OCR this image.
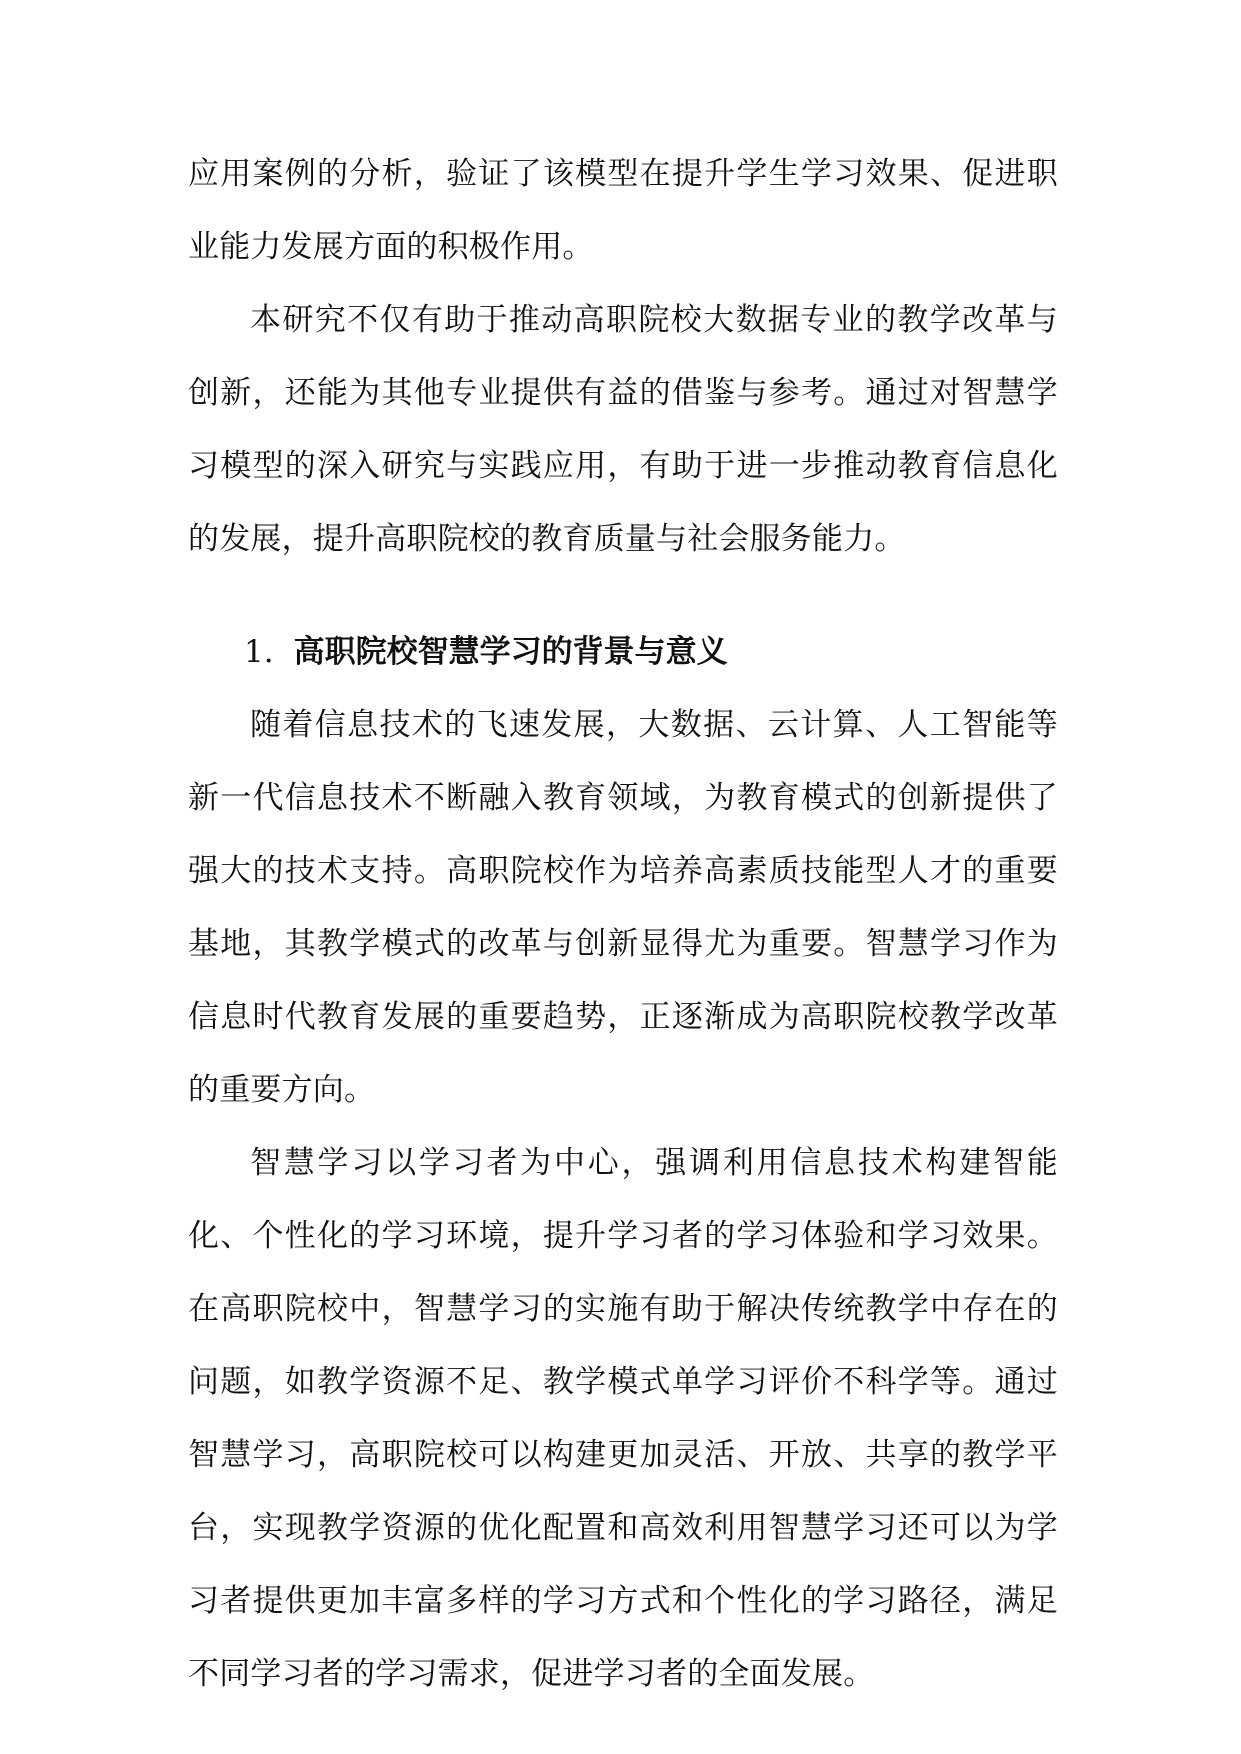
应用案例的分析，验证了该模型在提升学生学习效果、促进职业能力发展方面的积极作用。

本研究不仅有助于推动高职院校大数据专业的教学改革与创新，还能为其他专业提供有益的借鉴与参考。通过对智慧学习模型的深入研究与实践应用，有助于进一步推动教育信息化的发展，提升高职院校的教育质量与社会服务能力。

1. 高职院校智慧学习的背景与意义

随着信息技术的飞速发展，大数据、云计算、人工智能等新一代信息技术不断融入教育领域，为教育模式的创新提供了强大的技术支持。高职院校作为培养高素质技能型人才的重要基地，其教学模式的改革与创新显得尤为重要。智慧学习作为信息时代教育发展的重要趋势，正逐渐成为高职院校教学改革的重要方向。

智慧学习以学习者为中心，强调利用信息技术构建智能化、个性化的学习环境，提升学习者的学习体验和学习效果。在高职院校中，智慧学习的实施有助于解决传统教学中存在的问题，如教学资源不足、教学模式单学习评价不科学等。通过智慧学习，高职院校可以构建更加灵活、开放、共享的教学平台，实现教学资源的优化配置和高效利用智慧学习还可以为学习者提供更加丰富多样的学习方式和个性化的学习路径，满足不同学习者的学习需求，促进学习者的全面发展。
